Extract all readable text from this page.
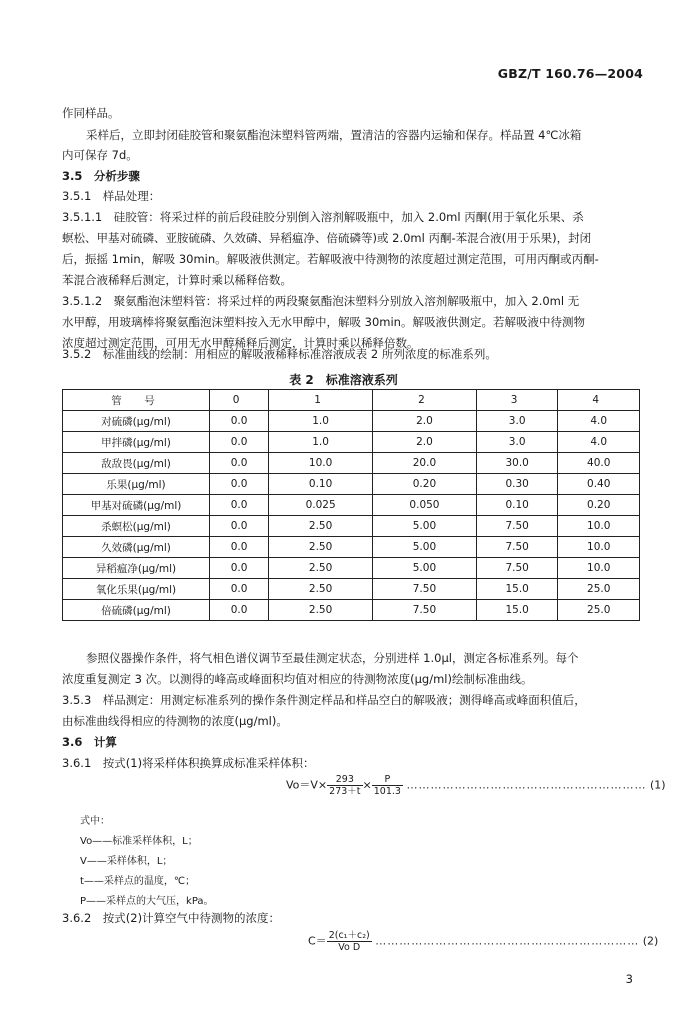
GBZ/T 160.76—2004
作同样品。
采样后，立即封闭硅胶管和聚氨酯泡沫塑料管两端，置清洁的容器内运输和保存。样品置 4℃冰箱
内可保存 7d。
3.5　分析步骤
3.5.1　样品处理：
3.5.1.1　硅胶管：将采过样的前后段硅胶分别倒入溶剂解吸瓶中，加入 2.0ml 丙酮(用于氧化乐果、杀
螟松、甲基对硫磷、亚胺硫磷、久效磷、异稻瘟净、倍硫磷等)或 2.0ml 丙酮-苯混合液(用于乐果)，封闭
后，振摇 1min，解吸 30min。解吸液供测定。若解吸液中待测物的浓度超过测定范围，可用丙酮或丙酮-
苯混合液稀释后测定，计算时乘以稀释倍数。
3.5.1.2　聚氨酯泡沫塑料管：将采过样的两段聚氨酯泡沫塑料分别放入溶剂解吸瓶中，加入 2.0ml 无
水甲醇，用玻璃棒将聚氨酯泡沫塑料按入无水甲醇中，解吸 30min。解吸液供测定。若解吸液中待测物
浓度超过测定范围，可用无水甲醇稀释后测定，计算时乘以稀释倍数。
3.5.2　标准曲线的绘制：用相应的解吸液稀释标准溶液成表 2 所列浓度的标准系列。
表 2　标准溶液系列
管　号	0	1	2	3	4
对硫磷(μg/ml)	0.0	1.0	2.0	3.0	4.0
甲拌磷(μg/ml)	0.0	1.0	2.0	3.0	4.0
敌敌畏(μg/ml)	0.0	10.0	20.0	30.0	40.0
乐果(μg/ml)	0.0	0.10	0.20	0.30	0.40
甲基对硫磷(μg/ml)	0.0	0.025	0.050	0.10	0.20
杀螟松(μg/ml)	0.0	2.50	5.00	7.50	10.0
久效磷(μg/ml)	0.0	2.50	5.00	7.50	10.0
异稻瘟净(μg/ml)	0.0	2.50	5.00	7.50	10.0
氧化乐果(μg/ml)	0.0	2.50	7.50	15.0	25.0
倍硫磷(μg/ml)	0.0	2.50	7.50	15.0	25.0
参照仪器操作条件，将气相色谱仪调节至最佳测定状态，分别进样 1.0μl，测定各标准系列。每个
浓度重复测定 3 次。以测得的峰高或峰面积均值对相应的待测物浓度(μg/ml)绘制标准曲线。
3.5.3　样品测定：用测定标准系列的操作条件测定样品和样品空白的解吸液；测得峰高或峰面积值后，
由标准曲线得相应的待测物的浓度(μg/ml)。
3.6　计算
3.6.1　按式(1)将采样体积换算成标准采样体积：
$Vo=V\times \frac{293}{273+t} \times \frac{P}{101.3}$ …………………………………………………… (1)
式中：
Vo——标准采样体积，L；
V——采样体积，L；
t——采样点的温度，℃；
P——采样点的大气压，kPa。
3.6.2　按式(2)计算空气中待测物的浓度：
$C= \frac{\text{2(c₁＋c₂)}}{\text{Vo D}}$ ………………………………………………………… (2)
3
